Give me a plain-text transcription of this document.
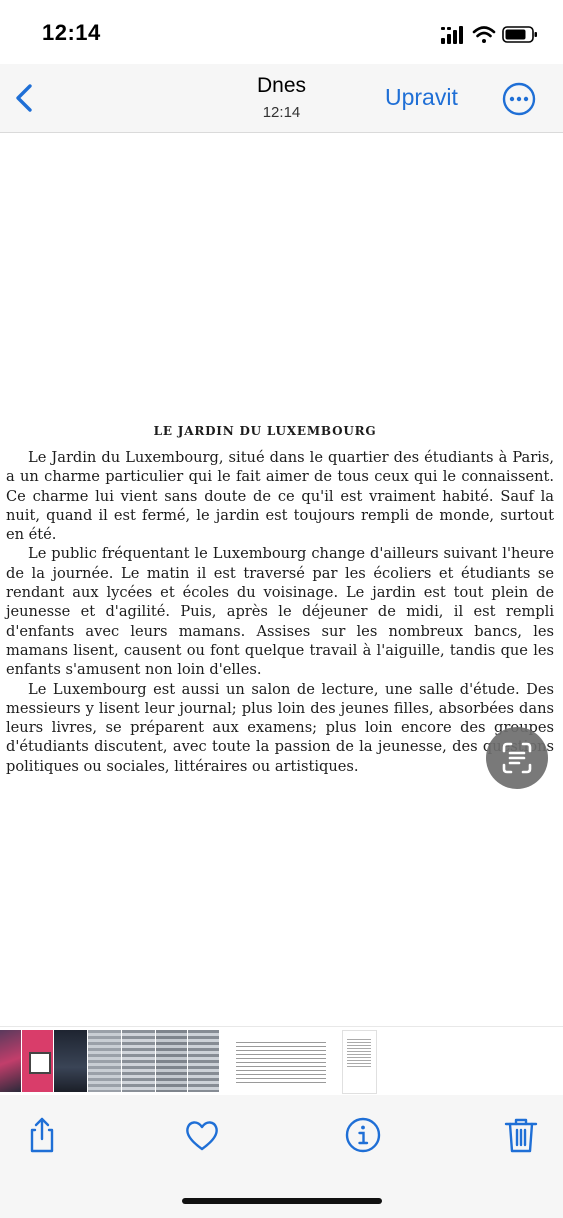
12:14
Dnes
12:14
Upravit
LE JARDIN DU LUXEMBOURG

Le Jardin du Luxembourg, situé dans le quartier des étudiants à Paris, a un charme particulier qui le fait aimer de tous ceux qui le connaissent. Ce charme lui vient sans doute de ce qu'il est vraiment habité. Sauf la nuit, quand il est fermé, le jardin est toujours rempli de monde, surtout en été.

Le public fréquentant le Luxembourg change d'ailleurs suivant l'heure de la journée. Le matin il est traversé par les écoliers et étudiants se rendant aux lycées et écoles du voisinage. Le jardin est tout plein de jeunesse et d'agilité. Puis, après le déjeuner de midi, il est rempli d'enfants avec leurs mamans. Assises sur les nombreux bancs, les mamans lisent, causent ou font quelque travail à l'aiguille, tandis que les enfants s'amusent non loin d'elles.

Le Luxembourg est aussi un salon de lecture, une salle d'étude. Des messieurs y lisent leur journal; plus loin des jeunes filles, absorbées dans leurs livres, se préparent aux examens; plus loin encore des groupes d'étudiants discutent, avec toute la passion de la jeunesse, des questions politiques ou sociales, littéraires ou artistiques.
